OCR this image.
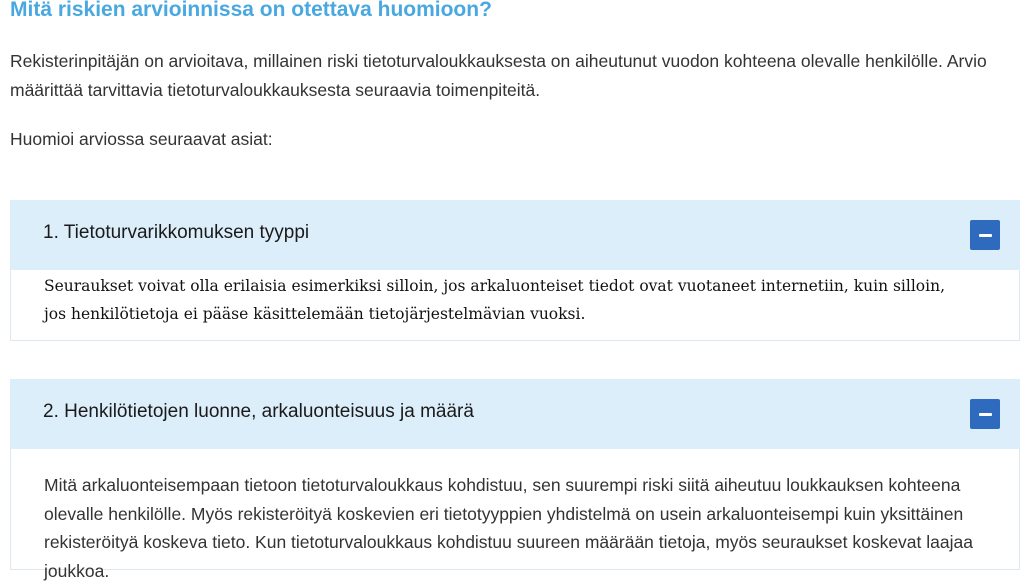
Mitä riskien arvioinnissa on otettava huomioon?

Rekisterinpitäjän on arvioitava, millainen riski tietoturvaloukkauksesta on aiheutunut vuodon kohteena olevalle henkilölle. Arvio määrittää tarvittavia tietoturvaloukkauksesta seuraavia toimenpiteitä.

Huomioi arviossa seuraavat asiat:

1. Tietoturvarikkomuksen tyyppi

Seuraukset voivat olla erilaisia esimerkiksi silloin, jos arkaluonteiset tiedot ovat vuotaneet internetiin, kuin silloin, jos henkilötietoja ei pääse käsittelemään tietojärjestelmävian vuoksi.

2. Henkilötietojen luonne, arkaluonteisuus ja määrä

Mitä arkaluonteisempaan tietoon tietoturvaloukkaus kohdistuu, sen suurempi riski siitä aiheutuu loukkauksen kohteena olevalle henkilölle. Myös rekisteröityä koskevien eri tietotyyppien yhdistelmä on usein arkaluonteisempi kuin yksittäinen rekisteröityä koskeva tieto. Kun tietoturvaloukkaus kohdistuu suureen määrään tietoja, myös seuraukset koskevat laajaa joukkoa.
